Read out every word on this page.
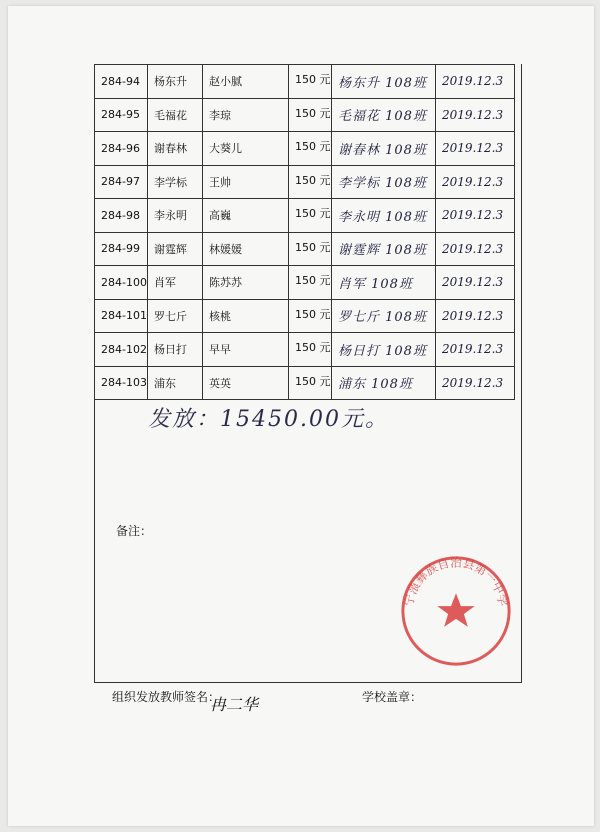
284-94	杨东升	赵小腻	150 元	杨东升 108班	2019.12.3
284-95	毛福花	李琼	150 元	毛福花 108班	2019.12.3
284-96	谢春林	大葵儿	150 元	谢春林 108班	2019.12.3
284-97	李学标	王帅	150 元	李学标 108班	2019.12.3
284-98	李永明	高巍	150 元	李永明 108班	2019.12.3
284-99	谢霆辉	林媛媛	150 元	谢霆辉 108班	2019.12.3
284-100	肖军	陈苏苏	150 元	肖军 108班	2019.12.3
284-101	罗七斤	核桃	150 元	罗七斤 108班	2019.12.3
284-102	杨日打	早早	150 元	杨日打 108班	2019.12.3
284-103	浦东	英英	150 元	浦东 108班	2019.12.3
发放：15450.00元。
备注：
组织发放教师签名：
冉二华	学校盖章：
宁蒗彝族自治县第一中学
